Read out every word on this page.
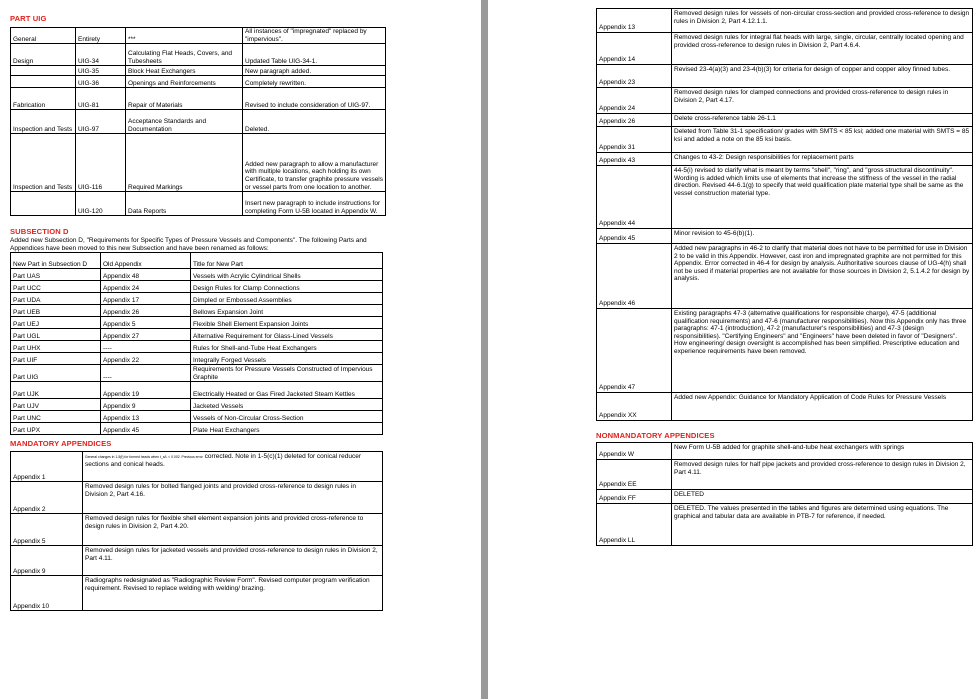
PART UIG
General	Entirety	***	All instances of "impregnated" replaced by "impervious".
Design	UIG-34	Calculating Flat Heads, Covers, and Tubesheets	Updated Table UIG-34-1.
	UIG-35	Block Heat Exchangers	New paragraph added.
	UIG-36	Openings and Reinforcements	Completely rewritten.
Fabrication	UIG-81	Repair of Materials	Revised to include consideration of UIG-97.
Inspection and Tests	UIG-97	Acceptance Standards and Documentation	Deleted.
Inspection and Tests	UIG-116	Required Markings	Added new paragraph to allow a manufacturer with multiple locations, each holding its own Certificate, to transfer graphite pressure vessels or vessel parts from one location to another.
	UIG-120	Data Reports	Insert new paragraph to include instructions for completing Form U-5B located in Appendix W.
SUBSECTION D

Added new Subsection D, "Requirements for Specific Types of Pressure Vessels and Components". The following Parts and Appendices have been moved to this new Subsection and have been renamed as follows:

New Part in Subsection D	Old Appendix	Title for New Part
Part UAS	Appendix 48	Vessels with Acrylic Cylindrical Shells
Part UCC	Appendix 24	Design Rules for Clamp Connections
Part UDA	Appendix 17	Dimpled or Embossed Assemblies
Part UEB	Appendix 26	Bellows Expansion Joint
Part UEJ	Appendix 5	Flexible Shell Element Expansion Joints
Part UGL	Appendix 27	Alternative Requirement for Glass-Lined Vessels
Part UHX	----	Rules for Shell-and-Tube Heat Exchangers
Part UIF	Appendix 22	Integrally Forged Vessels
Part UIG	----	Requirements for Pressure Vessels Constructed of Impervious Graphite
Part UJK	Appendix 19	Electrically Heated or Gas Fired Jacketed Steam Kettles
Part UJV	Appendix 9	Jacketed Vessels
Part UNC	Appendix 13	Vessels of Non-Circular Cross-Section
Part UPX	Appendix 45	Plate Heat Exchangers
MANDATORY APPENDICES
Appendix 1	General changes in 1-5(f) for formed heads when t_s/L < 0.002. Previous error corrected. Note in 1-5(c)(1) deleted for conical reducer sections and conical heads.
Appendix 2	Removed design rules for bolted flanged joints and provided cross-reference to design rules in Division 2, Part 4.16.
Appendix 5	Removed design rules for flexible shell element expansion joints and provided cross-reference to design rules in Division 2, Part 4.20.
Appendix 9	Removed design rules for jacketed vessels and provided cross-reference to design rules in Division 2, Part 4.11.
Appendix 10	Radiographs redesignated as "Radiographic Review Form". Revised computer program verification requirement. Revised to replace welding with welding/ brazing.
Appendix 13	Removed design rules for vessels of non-circular cross-section and provided cross-reference to design rules in Division 2, Part 4.12.1.1.
Appendix 14	Removed design rules for integral flat heads with large, single, circular, centrally located opening and provided cross-reference to design rules in Division 2, Part 4.6.4.
Appendix 23	Revised 23-4(a)(3) and 23-4(b)(3) for criteria for design of copper and copper alloy finned tubes.
Appendix 24	Removed design rules for clamped connections and provided cross-reference to design rules in Division 2, Part 4.17.
Appendix 26	Delete cross-reference table 26-1.1
Appendix 31	Deleted from Table 31-1 specification/ grades with SMTS < 85 ksi; added one material with SMTS = 85 ksi and added a note on the 85 ksi basis.
Appendix 43	Changes to 43-2: Design responsibilities for replacement parts
Appendix 44	44-5(i) revised to clarify what is meant by terms "shell", "ring", and "gross structural discontinuity". Wording is added which limits use of elements that increase the stiffness of the vessel in the radial direction. Revised 44-6.1(g) to specify that weld qualification plate material type shall be same as the vessel construction material type.
Appendix 45	Minor revision to 45-6(b)(1).
Appendix 46	Added new paragraphs in 46-2 to clarify that material does not have to be permitted for use in Division 2 to be valid in this Appendix. However, cast iron and impregnated graphite are not permitted for this Appendix. Error corrected in 46-4 for design by analysis. Authoritative sources clause of UG-4(h) shall not be used if material properties are not available for those sources in Division 2, 5.1.4.2 for design by analysis.
Appendix 47	Existing paragraphs 47-3 (alternative qualifications for responsible charge), 47-5 (additional qualification requirements) and 47-6 (manufacturer responsibilities). Now this Appendix only has three paragraphs: 47-1 (introduction), 47-2 (manufacturer's responsibilities) and 47-3 (design responsibilities). "Certifying Engineers" and "Engineers" have been deleted in favor of "Designers". How engineering/ design oversight is accomplished has been simplified. Prescriptive education and experience requirements have been removed.
Appendix XX	Added new Appendix: Guidance for Mandatory Application of Code Rules for Pressure Vessels
NONMANDATORY APPENDICES
Appendix W	New Form U-5B added for graphite shell-and-tube heat exchangers with springs
Appendix EE	Removed design rules for half pipe jackets and provided cross-reference to design rules in Division 2, Part 4.11.
Appendix FF	DELETED
Appendix LL	DELETED. The values presented in the tables and figures are determined using equations. The graphical and tabular data are available in PTB-7 for reference, if needed.
